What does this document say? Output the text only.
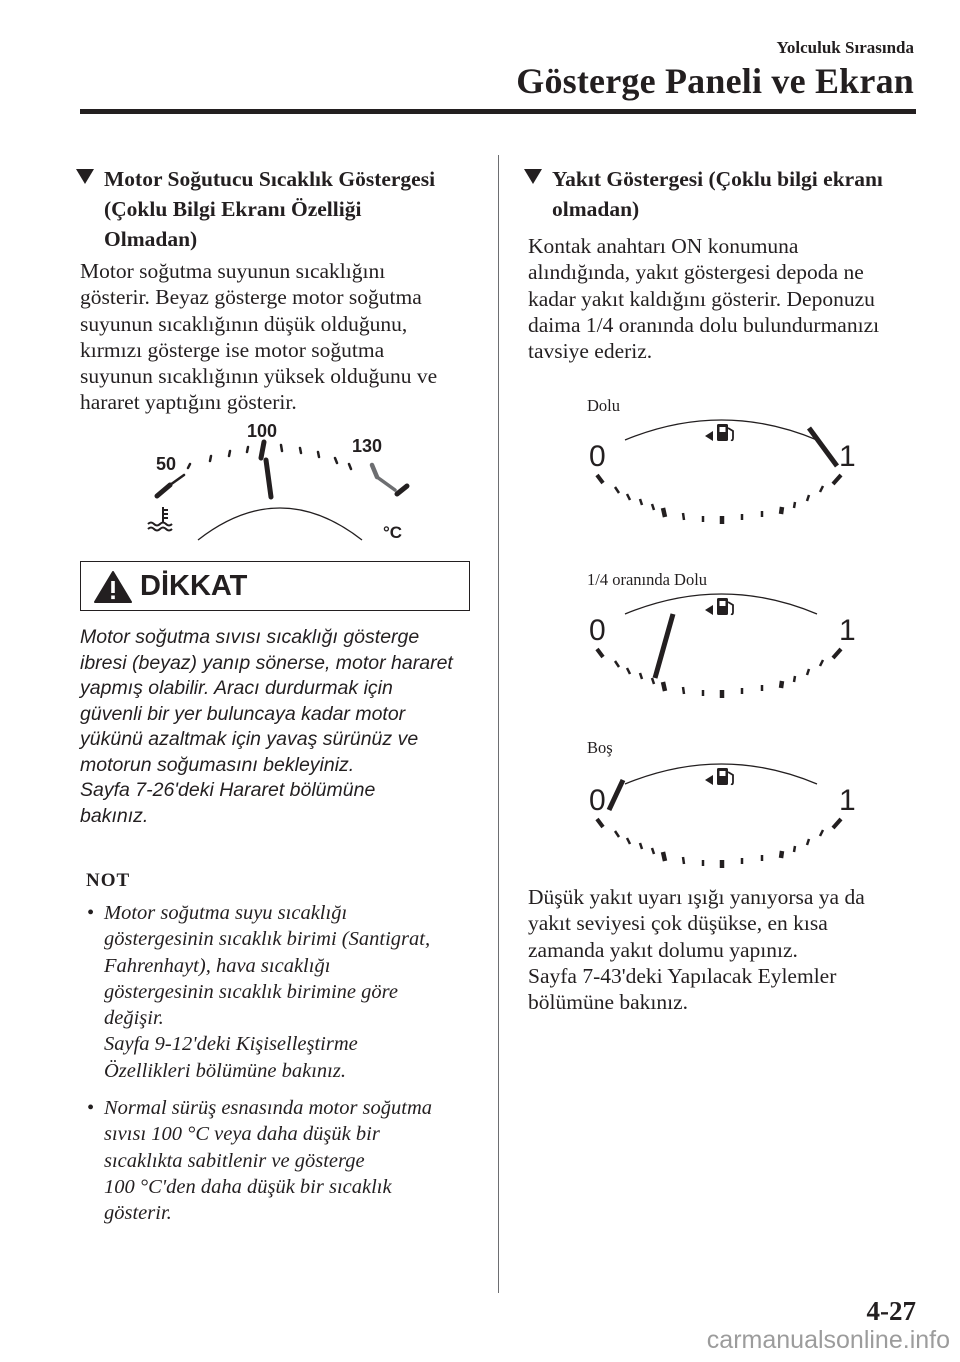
Yolculuk Sırasında
Gösterge Paneli ve Ekran
Motor Soğutucu Sıcaklık Göstergesi
(Çoklu Bilgi Ekranı Özelliği
Olmadan)
Motor soğutma suyunun sıcaklığını
gösterir. Beyaz gösterge motor soğutma
suyunun sıcaklığının düşük olduğunu,
kırmızı gösterge ise motor soğutma
suyunun sıcaklığının yüksek olduğunu ve
hararet yaptığını gösterir.
50
100
130
°C
DİKKAT
Motor soğutma sıvısı sıcaklığı gösterge
ibresi (beyaz) yanıp sönerse, motor hararet
yapmış olabilir. Aracı durdurmak için
güvenli bir yer buluncaya kadar motor
yükünü azaltmak için yavaş sürünüz ve
motorun soğumasını bekleyiniz.
Sayfa 7-26'deki Hararet bölümüne
bakınız.
NOT
• Motor soğutma suyu sıcaklığı
göstergesinin sıcaklık birimi (Santigrat,
Fahrenhayt), hava sıcaklığı
göstergesinin sıcaklık birimine göre
değişir.
Sayfa 9-12'deki Kişiselleştirme
Özellikleri bölümüne bakınız.
• Normal sürüş esnasında motor soğutma
sıvısı 100 °C veya daha düşük bir
sıcaklıkta sabitlenir ve gösterge
100 °C'den daha düşük bir sıcaklık
gösterir.
Yakıt Göstergesi (Çoklu bilgi ekranı
olmadan)
Kontak anahtarı ON konumuna
alındığında, yakıt göstergesi depoda ne
kadar yakıt kaldığını gösterir. Deponuzu
daima 1/4 oranında dolu bulundurmanızı
tavsiye ederiz.
Dolu
0	1
1/4 oranında Dolu
0	1
Boş
0	1
Düşük yakıt uyarı ışığı yanıyorsa ya da
yakıt seviyesi çok düşükse, en kısa
zamanda yakıt dolumu yapınız.
Sayfa 7-43'deki Yapılacak Eylemler
bölümüne bakınız.
4-27
carmanualsonline.info
